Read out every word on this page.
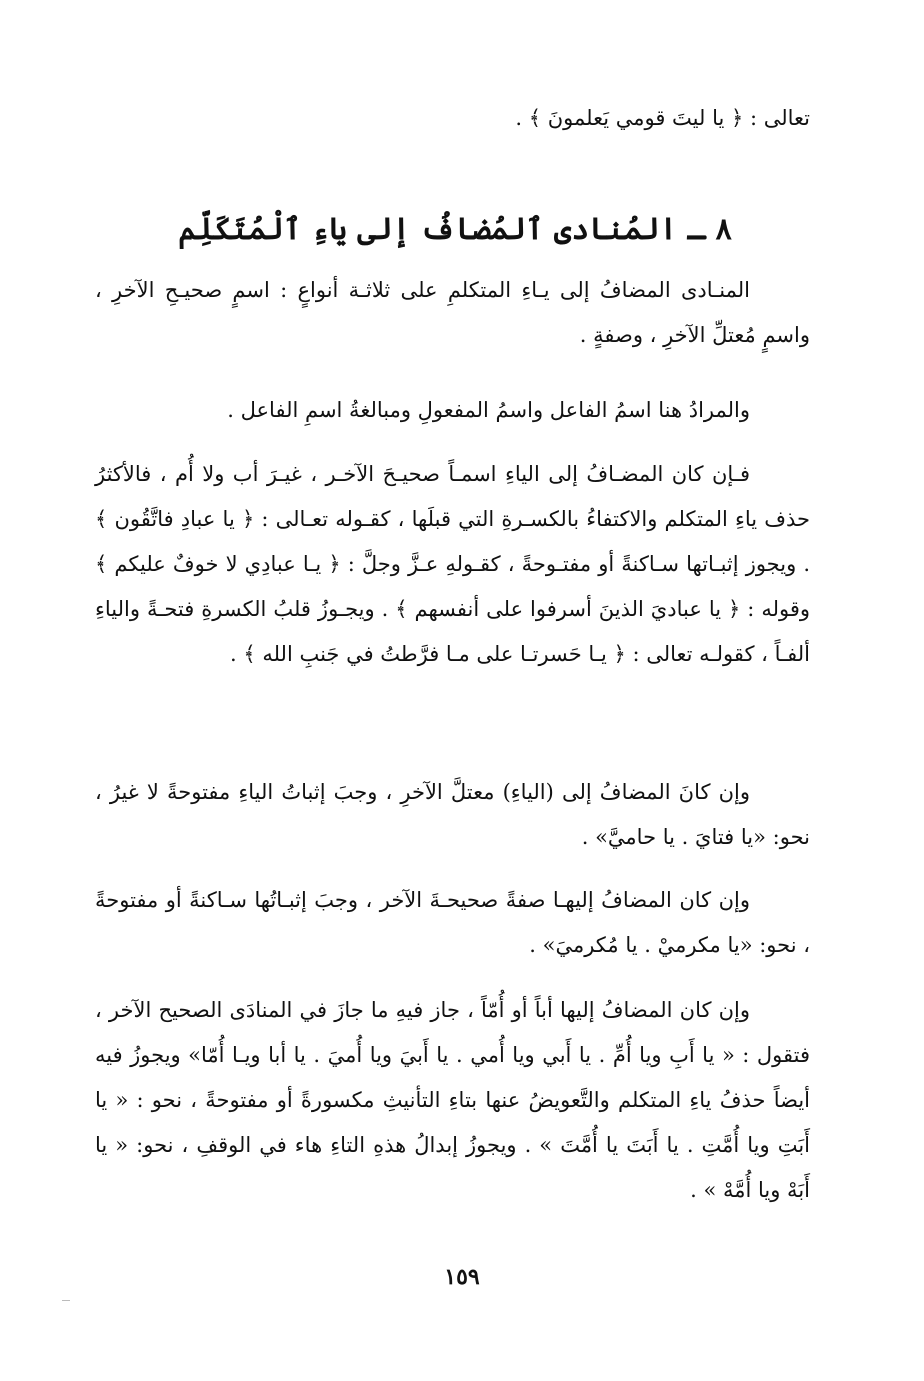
تعالى : ﴿ يا ليتَ قومي يَعلمونَ ﴾ .

٨ ـ المُنادى ٱلمُضافُ إلى ياءِ ٱلْمُتَكَلِّم

المنـادى المضافُ إلى يـاءِ المتكلمِ على ثلاثـة أنواعٍ : اسمٍ صحيـحِ الآخرِ ، واسمٍ مُعتلِّ الآخرِ ، وصفةٍ .

والمرادُ هنا اسمُ الفاعل واسمُ المفعولِ ومبالغةُ اسمِ الفاعل .

فـإن كان المضـافُ إلى الياءِ اسمـاً صحيـحَ الآخـر ، غيـرَ أب ولا أُم ، فالأكثرُ حذف ياءِ المتكلم والاكتفاءُ بالكسـرةِ التي قبلَها ، كقـوله تعـالى : ﴿ يا عبادِ فاتَّقُون ﴾ . ويجوز إثبـاتها سـاكنةً أو مفتـوحةً ، كقـولهِ عـزَّ وجلَّ : ﴿ يـا عبادِي لا خوفٌ عليكم ﴾ وقوله : ﴿ يا عباديَ الذينَ أسرفوا على أنفسهم ﴾ . ويجـوزُ قلبُ الكسرةِ فتحـةً والياءِ ألفـاً ، كقولـه تعالى : ﴿ يـا حَسرتـا على مـا فرَّطتُ في جَنبِ الله ﴾ .

وإن كانَ المضافُ إلى (الياءِ) معتلَّ الآخرِ ، وجبَ إثباتُ الياءِ مفتوحةً لا غيرُ ، نحو: «يا فتايَ . يا حاميَّ» .

وإن كان المضافُ إليهـا صفةً صحيحـةَ الآخر ، وجبَ إثبـاتُها سـاكنةً أو مفتوحةً ، نحو: «يا مكرميْ . يا مُكرميَ» .

وإن كان المضافُ إليها أباً أو أُمّاً ، جاز فيهِ ما جازَ في المنادَى الصحيح الآخر ، فتقول : « يا أَبِ ويا أُمِّ . يا أَبي ويا أُمي . يا أَبيَ ويا أُميَ . يا أبا ويـا أُمّا» ويجوزُ فيه أيضاً حذفُ ياءِ المتكلم والتَّعويضُ عنها بتاءِ التأنيثِ مكسورةً أو مفتوحةً ، نحو : « يا أَبَتِ ويا أُمَّتِ . يا أَبَتَ يا أُمَّتَ » . ويجوزُ إبدالُ هذهِ التاءِ هاء في الوقفِ ، نحو: « يا أَبَهْ ويا أُمَّهْ » .

١٥٩
